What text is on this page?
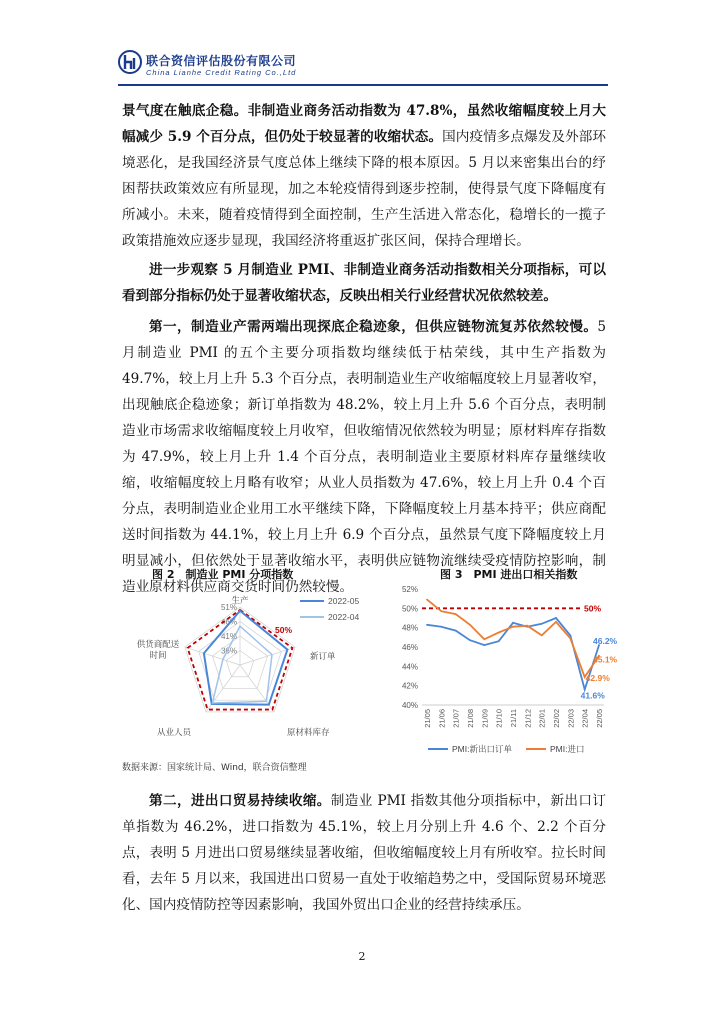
联合资信评估股份有限公司
China Lianhe Credit Rating Co.,Ltd

景气度在触底企稳。非制造业商务活动指数为 47.8%，虽然收缩幅度较上月大幅减少 5.9 个百分点，但仍处于较显著的收缩状态。国内疫情多点爆发及外部环境恶化，是我国经济景气度总体上继续下降的根本原因。5 月以来密集出台的纾困帮扶政策效应有所显现，加之本轮疫情得到逐步控制，使得景气度下降幅度有所减小。未来，随着疫情得到全面控制，生产生活进入常态化，稳增长的一揽子政策措施效应逐步显现，我国经济将重返扩张区间，保持合理增长。

进一步观察 5 月制造业 PMI、非制造业商务活动指数相关分项指标，可以看到部分指标仍处于显著收缩状态，反映出相关行业经营状况依然较差。

第一，制造业产需两端出现探底企稳迹象，但供应链物流复苏依然较慢。5 月制造业 PMI 的五个主要分项指数均继续低于枯荣线，其中生产指数为 49.7%，较上月上升 5.3 个百分点，表明制造业生产收缩幅度较上月显著收窄，出现触底企稳迹象；新订单指数为 48.2%，较上月上升 5.6 个百分点，表明制造业市场需求收缩幅度较上月收窄，但收缩情况依然较为明显；原材料库存指数为 47.9%，较上月上升 1.4 个百分点，表明制造业主要原材料库存量继续收缩，收缩幅度较上月略有收窄；从业人员指数为 47.6%，较上月上升 0.4 个百分点，表明制造业企业用工水平继续下降，下降幅度较上月基本持平；供应商配送时间指数为 44.1%，较上月上升 6.9 个百分点，虽然景气度下降幅度较上月明显减小，但依然处于显著收缩水平，表明供应链物流继续受疫情防控影响，制造业原材料供应商交货时间仍然较慢。

图 2　制造业 PMI 分项指数	图 3　PMI 进出口相关指数
36%
41%
46%
51%
50%
生产
新订单
原材料库存
从业人员
供货商配送
时间
2022-05
2022-04
40%
42%
44%
46%
48%
50%
52%
21/05 21/06 21/07 21/08 21/09 21/10 21/11 21/12 22/01 22/02 22/03 22/04 22/05
50%
46.2%
45.1%
41.6%
42.9%
PMI:新出口订单	PMI:进口
数据来源：国家统计局、Wind，联合资信整理

第二，进出口贸易持续收缩。制造业 PMI 指数其他分项指标中，新出口订单指数为 46.2%，进口指数为 45.1%，较上月分别上升 4.6 个、2.2 个百分点，表明 5 月进出口贸易继续显著收缩，但收缩幅度较上月有所收窄。拉长时间看，去年 5 月以来，我国进出口贸易一直处于收缩趋势之中，受国际贸易环境恶化、国内疫情防控等因素影响，我国外贸出口企业的经营持续承压。

2
